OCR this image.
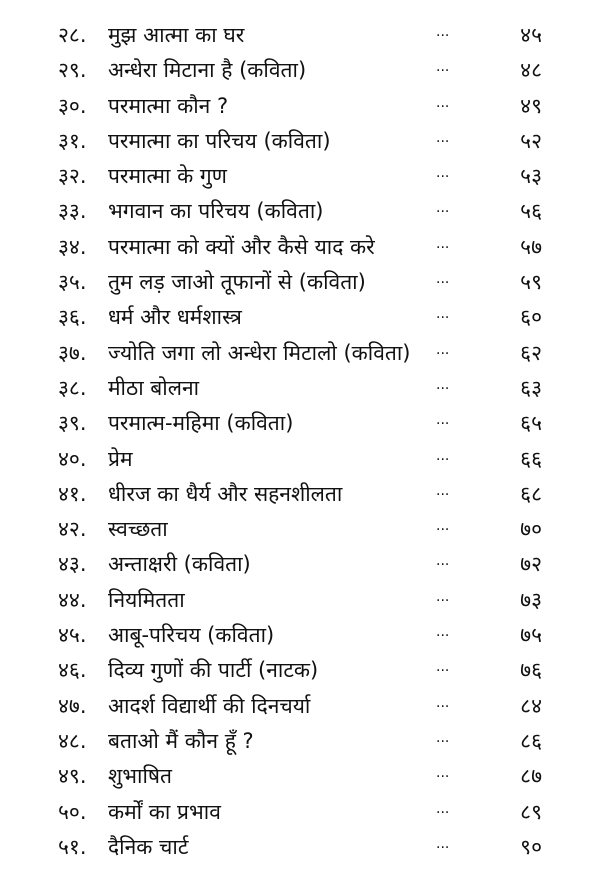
२८.	मुझ आत्मा का घर	...	४५
२९.	अन्धेरा मिटाना है (कविता)	...	४८
३०.	परमात्मा कौन ?	...	४९
३१.	परमात्मा का परिचय (कविता)	...	५२
३२.	परमात्मा के गुण	...	५३
३३.	भगवान का परिचय (कविता)	...	५६
३४.	परमात्मा को क्यों और कैसे याद करे	...	५७
३५.	तुम लड़ जाओ तूफानों से (कविता)	...	५९
३६.	धर्म और धर्मशास्त्र	...	६०
३७.	ज्योति जगा लो अन्धेरा मिटालो (कविता) ...	६२
३८.	मीठा बोलना	...	६३
३९.	परमात्म-महिमा (कविता)	...	६५
४०.	प्रेम	...	६६
४१.	धीरज का धैर्य और सहनशीलता	...	६८
४२.	स्वच्छता	...	७०
४३.	अन्ताक्षरी (कविता)	...	७२
४४.	नियमितता	...	७३
४५.	आबू-परिचय (कविता)	...	७५
४६.	दिव्य गुणों की पार्टी (नाटक)	...	७६
४७.	आदर्श विद्यार्थी की दिनचर्या	...	८४
४८.	बताओ मैं कौन हूँ ?	...	८६
४९.	शुभाषित	...	८७
५०.	कर्मों का प्रभाव	...	८९
५१.	दैनिक चार्ट	...	९०
